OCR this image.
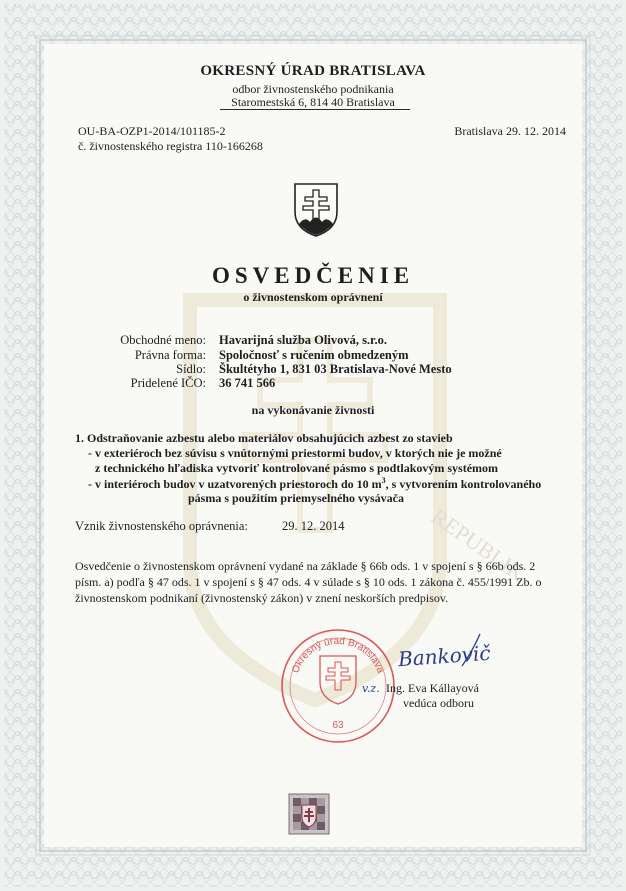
REPUBLIK
OKRESNÝ ÚRAD BRATISLAVA
odbor živnostenského podnikania
Staromestská 6, 814 40 Bratislava
OU-BA-OZP1-2014/101185-2
č. živnostenského registra 110-166268
Bratislava 29. 12. 2014
OSVEDČENIE
o živnostenskom oprávnení
Obchodné meno: Havarijná služba Olivová, s.r.o.
Právna forma: Spoločnosť s ručením obmedzeným
Sídlo: Škultétyho 1, 831 03 Bratislava-Nové Mesto
Pridelené IČO: 36 741 566
na vykonávanie živnosti
1. Odstraňovanie azbestu alebo materiálov obsahujúcich azbest zo stavieb
- v exteriéroch bez súvisu s vnútornými priestormi budov, v ktorých nie je možné
z technického hľadiska vytvoriť kontrolované pásmo s podtlakovým systémom
- v interiéroch budov v uzatvorených priestoroch do 10 $m^3$, s vytvorením kontrolovaného
pásma s použitím priemyselného vysávača
Vznik živnostenského oprávnenia:	29. 12. 2014
Osvedčenie o živnostenskom oprávnení vydané na základe § 66b ods. 1 v spojení s § 66b ods. 2
písm. a) podľa § 47 ods. 1 v spojení s § 47 ods. 4 v súlade s § 10 ods. 1 zákona č. 455/1991 Zb. o
živnostenskom podnikaní (živnostenský zákon) v znení neskorších predpisov.
Okresný úrad Bratislava
63
Bankovič
v.z. Ing. Eva Kállayová
vedúca odboru
